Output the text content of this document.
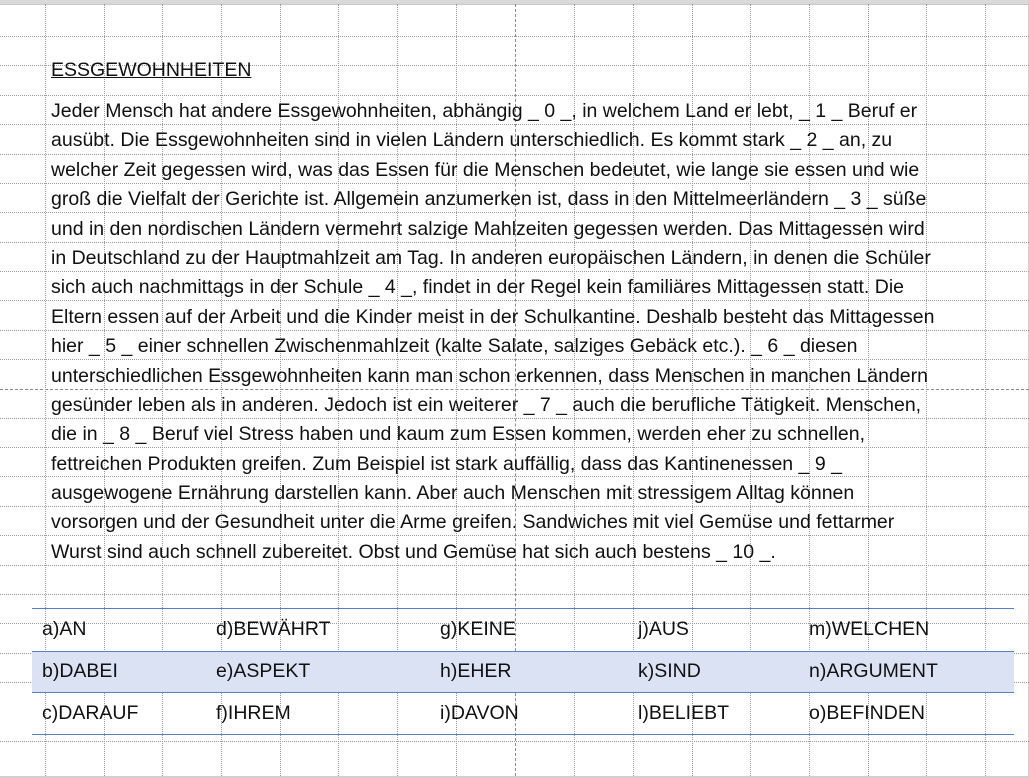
ESSGEWOHNHEITEN
Jeder Mensch hat andere Essgewohnheiten, abhängig _ 0 _, in welchem Land er lebt, _ 1 _ Beruf er
ausübt. Die Essgewohnheiten sind in vielen Ländern unterschiedlich. Es kommt stark _ 2 _ an, zu
welcher Zeit gegessen wird, was das Essen für die Menschen bedeutet, wie lange sie essen und wie
groß die Vielfalt der Gerichte ist. Allgemein anzumerken ist, dass in den Mittelmeerländern _ 3 _ süße
und in den nordischen Ländern vermehrt salzige Mahlzeiten gegessen werden. Das Mittagessen wird
in Deutschland zu der Hauptmahlzeit am Tag. In anderen europäischen Ländern, in denen die Schüler
sich auch nachmittags in der Schule _ 4 _, findet in der Regel kein familiäres Mittagessen statt. Die
Eltern essen auf der Arbeit und die Kinder meist in der Schulkantine. Deshalb besteht das Mittagessen
hier _ 5 _ einer schnellen Zwischenmahlzeit (kalte Salate, salziges Gebäck etc.). _ 6 _ diesen
unterschiedlichen Essgewohnheiten kann man schon erkennen, dass Menschen in manchen Ländern
gesünder leben als in anderen. Jedoch ist ein weiterer _ 7 _ auch die berufliche Tätigkeit. Menschen,
die in _ 8 _ Beruf viel Stress haben und kaum zum Essen kommen, werden eher zu schnellen,
fettreichen Produkten greifen. Zum Beispiel ist stark auffällig, dass das Kantinenessen _ 9 _
ausgewogene Ernährung darstellen kann. Aber auch Menschen mit stressigem Alltag können
vorsorgen und der Gesundheit unter die Arme greifen. Sandwiches mit viel Gemüse und fettarmer
Wurst sind auch schnell zubereitet. Obst und Gemüse hat sich auch bestens _ 10 _.
a)AN	d)BEWÄHRT	g)KEINE	j)AUS	m)WELCHEN
b)DABEI	e)ASPEKT	h)EHER	k)SIND	n)ARGUMENT
c)DARAUF	f)IHREM	i)DAVON	l)BELIEBT	o)BEFINDEN
